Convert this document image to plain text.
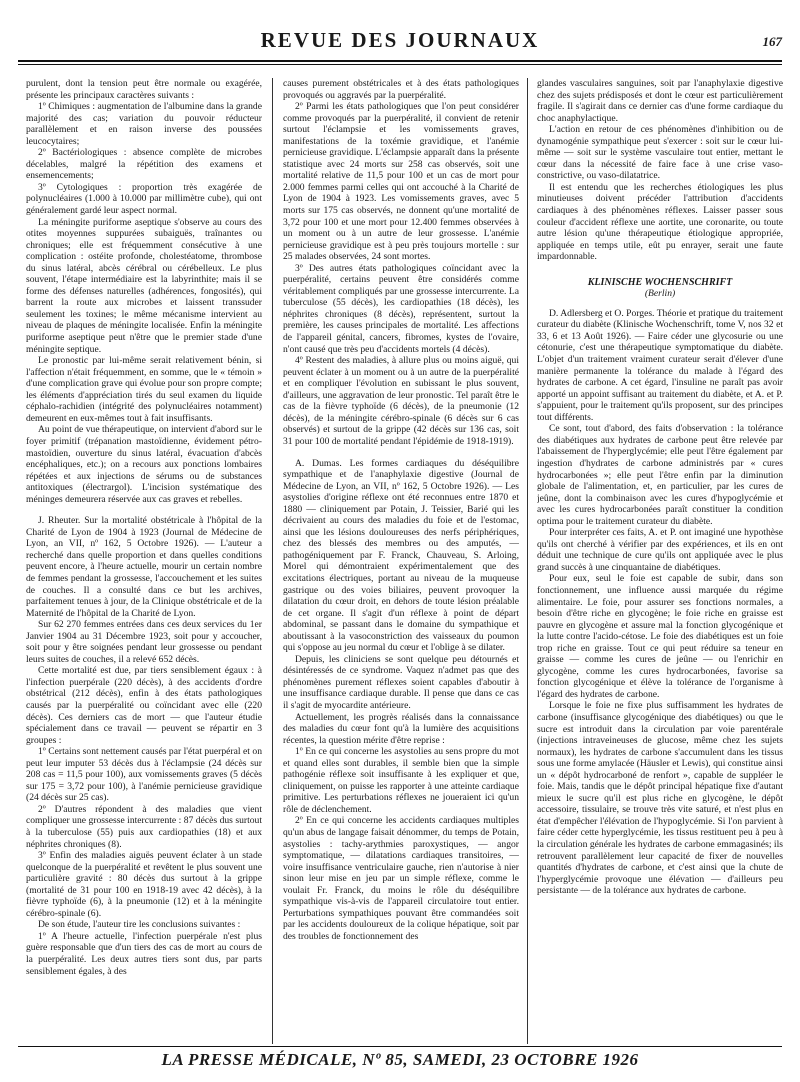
REVUE DES JOURNAUX	167

purulent, dont la tension peut être normale ou exagérée, présente les principaux caractères suivants :

1º Chimiques : augmentation de l'albumine dans la grande majorité des cas; variation du pouvoir réducteur parallèlement et en raison inverse des poussées leucocytaires;

2º Bactériologiques : absence complète de microbes décelables, malgré la répétition des examens et ensemencements;

3º Cytologiques : proportion très exagérée de polynucléaires (1.000 à 10.000 par millimètre cube), qui ont généralement gardé leur aspect normal.

La méningite puriforme aseptique s'observe au cours des otites moyennes suppurées subaiguës, traînantes ou chroniques; elle est fréquemment consécutive à une complication : ostéite profonde, cholestéatome, thrombose du sinus latéral, abcès cérébral ou cérébelleux. Le plus souvent, l'étape intermédiaire est la labyrinthite; mais il se forme des défenses naturelles (adhérences, fongosités), qui barrent la route aux microbes et laissent transsuder seulement les toxines; le même mécanisme intervient au niveau de plaques de méningite localisée. Enfin la méningite puriforme aseptique peut n'être que le premier stade d'une méningite septique.

Le pronostic par lui-même serait relativement bénin, si l'affection n'était fréquemment, en somme, que le « témoin » d'une complication grave qui évolue pour son propre compte; les éléments d'appréciation tirés du seul examen du liquide céphalo-rachidien (intégrité des polynucléaires notamment) demeurent en eux-mêmes tout à fait insuffisants.

Au point de vue thérapeutique, on intervient d'abord sur le foyer primitif (trépanation mastoïdienne, évidement pétro-mastoïdien, ouverture du sinus latéral, évacuation d'abcès encéphaliques, etc.); on a recours aux ponctions lombaires répétées et aux injections de sérums ou de substances antitoxiques (électrargol). L'incision systématique des méninges demeurera réservée aux cas graves et rebelles.

J. Rheuter. Sur la mortalité obstétricale à l'hôpital de la Charité de Lyon de 1904 à 1923 (Journal de Médecine de Lyon, an VII, nº 162, 5 Octobre 1926). — L'auteur a recherché dans quelle proportion et dans quelles conditions peuvent encore, à l'heure actuelle, mourir un certain nombre de femmes pendant la grossesse, l'accouchement et les suites de couches. Il a consulté dans ce but les archives, parfaitement tenues à jour, de la Clinique obstétricale et de la Maternité de l'hôpital de la Charité de Lyon.

Sur 62 270 femmes entrées dans ces deux services du 1er Janvier 1904 au 31 Décembre 1923, soit pour y accoucher, soit pour y être soignées pendant leur grossesse ou pendant leurs suites de couches, il a relevé 652 décès.

Cette mortalité est due, par tiers sensiblement égaux : à l'infection puerpérale (220 décès), à des accidents d'ordre obstétrical (212 décès), enfin à des états pathologiques causés par la puerpéralité ou coïncidant avec elle (220 décès). Ces derniers cas de mort — que l'auteur étudie spécialement dans ce travail — peuvent se répartir en 3 groupes :

1º Certains sont nettement causés par l'état puerpéral et on peut leur imputer 53 décès dus à l'éclampsie (24 décès sur 208 cas = 11,5 pour 100), aux vomissements graves (5 décès sur 175 = 3,72 pour 100), à l'anémie pernicieuse gravidique (24 décès sur 25 cas).

2º D'autres répondent à des maladies que vient compliquer une grossesse intercurrente : 87 décès dus surtout à la tuberculose (55) puis aux cardiopathies (18) et aux néphrites chroniques (8).

3º Enfin des maladies aiguës peuvent éclater à un stade quelconque de la puerpéralité et revêtent le plus souvent une particulière gravité : 80 décès dus surtout à la grippe (mortalité de 31 pour 100 en 1918-19 avec 42 décès), à la fièvre typhoïde (6), à la pneumonie (12) et à la méningite cérébro-spinale (6).

De son étude, l'auteur tire les conclusions suivantes :

1º A l'heure actuelle, l'infection puerpérale n'est plus guère responsable que d'un tiers des cas de mort au cours de la puerpéralité. Les deux autres tiers sont dus, par parts sensiblement égales, à des

causes purement obstétricales et à des états pathologiques provoqués ou aggravés par la puerpéralité.

2º Parmi les états pathologiques que l'on peut considérer comme provoqués par la puerpéralité, il convient de retenir surtout l'éclampsie et les vomissements graves, manifestations de la toxémie gravidique, et l'anémie pernicieuse gravidique. L'éclampsie apparaît dans la présente statistique avec 24 morts sur 258 cas observés, soit une mortalité relative de 11,5 pour 100 et un cas de mort pour 2.000 femmes parmi celles qui ont accouché à la Charité de Lyon de 1904 à 1923. Les vomissements graves, avec 5 morts sur 175 cas observés, ne donnent qu'une mortalité de 3,72 pour 100 et une mort pour 12.400 femmes observées à un moment ou à un autre de leur grossesse. L'anémie pernicieuse gravidique est à peu près toujours mortelle : sur 25 malades observées, 24 sont mortes.

3º Des autres états pathologiques coïncidant avec la puerpéralité, certains peuvent être considérés comme véritablement compliqués par une grossesse intercurrente. La tuberculose (55 décès), les cardiopathies (18 décès), les néphrites chroniques (8 décès), représentent, surtout la première, les causes principales de mortalité. Les affections de l'appareil génital, cancers, fibromes, kystes de l'ovaire, n'ont causé que très peu d'accidents mortels (4 décès).

4º Restent des maladies, à allure plus ou moins aiguë, qui peuvent éclater à un moment ou à un autre de la puerpéralité et en compliquer l'évolution en subissant le plus souvent, d'ailleurs, une aggravation de leur pronostic. Tel paraît être le cas de la fièvre typhoïde (6 décès), de la pneumonie (12 décès), de la méningite cérébro-spinale (6 décès sur 6 cas observés) et surtout de la grippe (42 décès sur 136 cas, soit 31 pour 100 de mortalité pendant l'épidémie de 1918-1919).

A. Dumas. Les formes cardiaques du déséquilibre sympathique et de l'anaphylaxie digestive (Journal de Médecine de Lyon, an VII, nº 162, 5 Octobre 1926). — Les asystolies d'origine réflexe ont été reconnues entre 1870 et 1880 — cliniquement par Potain, J. Teissier, Barié qui les décrivaient au cours des maladies du foie et de l'estomac, ainsi que les lésions douloureuses des nerfs périphériques, chez des blessés des membres ou des amputés, — pathogéniquement par F. Franck, Chauveau, S. Arloing, Morel qui démontraient expérimentalement que des excitations électriques, portant au niveau de la muqueuse gastrique ou des voies biliaires, peuvent provoquer la dilatation du cœur droit, en dehors de toute lésion préalable de cet organe. Il s'agit d'un réflexe à point de départ abdominal, se passant dans le domaine du sympathique et aboutissant à la vasoconstriction des vaisseaux du poumon qui s'oppose au jeu normal du cœur et l'oblige à se dilater.

Depuis, les cliniciens se sont quelque peu détournés et désintéressés de ce syndrome. Vaquez n'admet pas que des phénomènes purement réflexes soient capables d'aboutir à une insuffisance cardiaque durable. Il pense que dans ce cas il s'agit de myocardite antérieure.

Actuellement, les progrès réalisés dans la connaissance des maladies du cœur font qu'à la lumière des acquisitions récentes, la question mérite d'être reprise :

1º En ce qui concerne les asystolies au sens propre du mot et quand elles sont durables, il semble bien que la simple pathogénie réflexe soit insuffisante à les expliquer et que, cliniquement, on puisse les rapporter à une atteinte cardiaque primitive. Les perturbations réflexes ne joueraient ici qu'un rôle de déclenchement.

2º En ce qui concerne les accidents cardiaques multiples qu'un abus de langage faisait dénommer, du temps de Potain, asystolies : tachy-arythmies paroxystiques, — angor symptomatique, — dilatations cardiaques transitoires, — voire insuffisance ventriculaire gauche, rien n'autorise à nier sinon leur mise en jeu par un simple réflexe, comme le voulait Fr. Franck, du moins le rôle du déséquilibre sympathique vis-à-vis de l'appareil circulatoire tout entier. Perturbations sympathiques pouvant être commandées soit par les accidents douloureux de la colique hépatique, soit par des troubles de fonctionnement des

glandes vasculaires sanguines, soit par l'anaphylaxie digestive chez des sujets prédisposés et dont le cœur est particulièrement fragile. Il s'agirait dans ce dernier cas d'une forme cardiaque du choc anaphylactique.

L'action en retour de ces phénomènes d'inhibition ou de dynamogénie sympathique peut s'exercer : soit sur le cœur lui-même — soit sur le système vasculaire tout entier, mettant le cœur dans la nécessité de faire face à une crise vaso-constrictive, ou vaso-dilatatrice.

Il est entendu que les recherches étiologiques les plus minutieuses doivent précéder l'attribution d'accidents cardiaques à des phénomènes réflexes. Laisser passer sous couleur d'accident réflexe une aortite, une coronarite, ou toute autre lésion qu'une thérapeutique étiologique appropriée, appliquée en temps utile, eût pu enrayer, serait une faute impardonnable.

KLINISCHE WOCHENSCHRIFT

(Berlin)

D. Adlersberg et O. Porges. Théorie et pratique du traitement curateur du diabète (Klinische Wochenschrift, tome V, nos 32 et 33, 6 et 13 Août 1926). — Faire céder une glycosurie ou une cétonurie, c'est une thérapeutique symptomatique du diabète. L'objet d'un traitement vraiment curateur serait d'élever d'une manière permanente la tolérance du malade à l'égard des hydrates de carbone. A cet égard, l'insuline ne paraît pas avoir apporté un appoint suffisant au traitement du diabète, et A. et P. s'appuient, pour le traitement qu'ils proposent, sur des principes tout différents.

Ce sont, tout d'abord, des faits d'observation : la tolérance des diabétiques aux hydrates de carbone peut être relevée par l'abaissement de l'hyperglycémie; elle peut l'être également par ingestion d'hydrates de carbone administrés par « cures hydrocarbonées »; elle peut l'être enfin par la diminution globale de l'alimentation, et, en particulier, par les cures de jeûne, dont la combinaison avec les cures d'hypoglycémie et avec les cures hydrocarbonées paraît constituer la condition optima pour le traitement curateur du diabète.

Pour interpréter ces faits, A. et P. ont imaginé une hypothèse qu'ils ont cherché à vérifier par des expériences, et ils en ont déduit une technique de cure qu'ils ont appliquée avec le plus grand succès à une cinquantaine de diabétiques.

Pour eux, seul le foie est capable de subir, dans son fonctionnement, une influence aussi marquée du régime alimentaire. Le foie, pour assurer ses fonctions normales, a besoin d'être riche en glycogène; le foie riche en graisse est pauvre en glycogène et assure mal la fonction glycogénique et la lutte contre l'acido-cétose. Le foie des diabétiques est un foie trop riche en graisse. Tout ce qui peut réduire sa teneur en graisse — comme les cures de jeûne — ou l'enrichir en glycogène, comme les cures hydrocarbonées, favorise sa fonction glycogénique et élève la tolérance de l'organisme à l'égard des hydrates de carbone.

Lorsque le foie ne fixe plus suffisamment les hydrates de carbone (insuffisance glycogénique des diabétiques) ou que le sucre est introduit dans la circulation par voie parentérale (injections intraveineuses de glucose, même chez les sujets normaux), les hydrates de carbone s'accumulent dans les tissus sous une forme amylacée (Häusler et Lewis), qui constitue ainsi un « dépôt hydrocarboné de renfort », capable de suppléer le foie. Mais, tandis que le dépôt principal hépatique fixe d'autant mieux le sucre qu'il est plus riche en glycogène, le dépôt accessoire, tissulaire, se trouve très vite saturé, et n'est plus en état d'empêcher l'élévation de l'hypoglycémie. Si l'on parvient à faire céder cette hyperglycémie, les tissus restituent peu à peu à la circulation générale les hydrates de carbone emmagasinés; ils retrouvent parallèlement leur capacité de fixer de nouvelles quantités d'hydrates de carbone, et c'est ainsi que la chute de l'hyperglycémie provoque une élévation — d'ailleurs peu persistante — de la tolérance aux hydrates de carbone.

LA PRESSE MÉDICALE, Nº 85, SAMEDI, 23 OCTOBRE 1926
